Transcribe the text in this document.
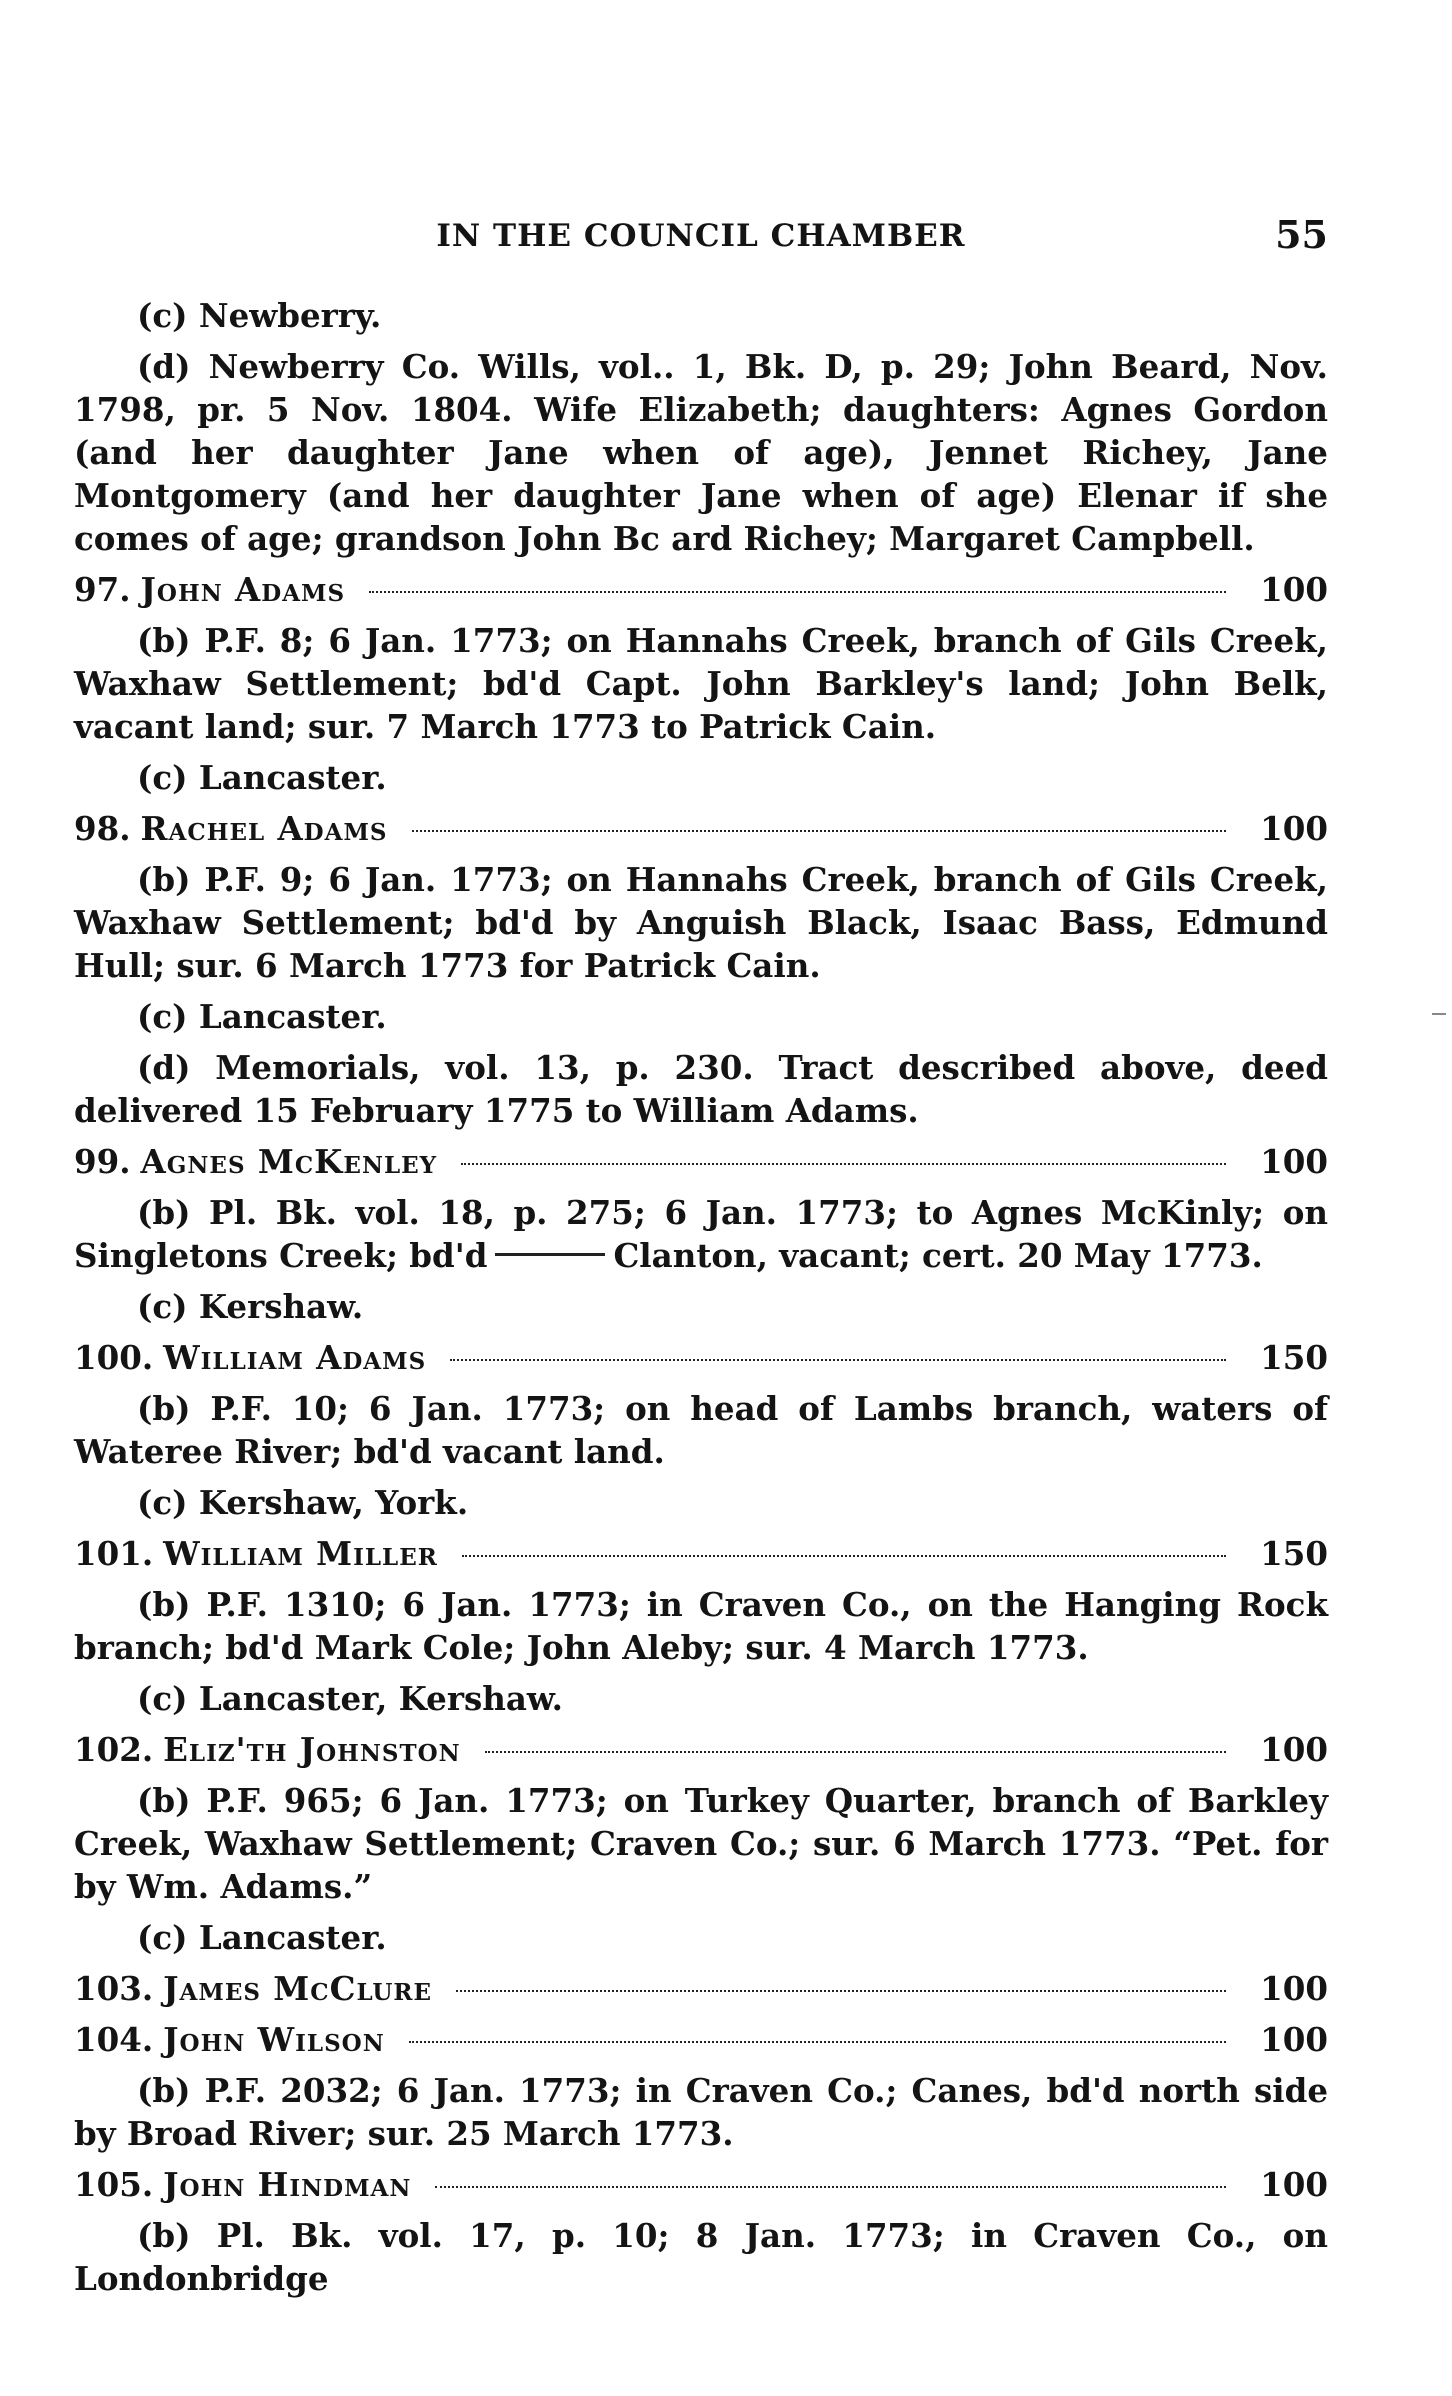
IN THE COUNCIL CHAMBER	55

(c) Newberry.

(d) Newberry Co. Wills, vol.. 1, Bk. D, p. 29; John Beard, Nov. 1798, pr. 5 Nov. 1804. Wife Elizabeth; daughters: Agnes Gordon (and her daughter Jane when of age), Jennet Richey, Jane Montgomery (and her daughter Jane when of age) Elenar if she comes of age; grandson John Bc ard Richey; Margaret Campbell.

97. John Adams	100

(b) P.F. 8; 6 Jan. 1773; on Hannahs Creek, branch of Gils Creek, Waxhaw Settlement; bd'd Capt. John Barkley's land; John Belk, vacant land; sur. 7 March 1773 to Patrick Cain.

(c) Lancaster.

98. Rachel Adams	100

(b) P.F. 9; 6 Jan. 1773; on Hannahs Creek, branch of Gils Creek, Waxhaw Settlement; bd'd by Anguish Black, Isaac Bass, Edmund Hull; sur. 6 March 1773 for Patrick Cain.

(c) Lancaster.

(d) Memorials, vol. 13, p. 230. Tract described above, deed delivered 15 February 1775 to William Adams.

99. Agnes McKenley	100

(b) Pl. Bk. vol. 18, p. 275; 6 Jan. 1773; to Agnes McKinly; on Singletons Creek; bd'd	Clanton, vacant; cert. 20 May 1773.

(c) Kershaw.

100. William Adams	150

(b) P.F. 10; 6 Jan. 1773; on head of Lambs branch, waters of Wateree River; bd'd vacant land.

(c) Kershaw, York.

101. William Miller	150

(b) P.F. 1310; 6 Jan. 1773; in Craven Co., on the Hanging Rock branch; bd'd Mark Cole; John Aleby; sur. 4 March 1773.

(c) Lancaster, Kershaw.

102. Eliz'th Johnston	100

(b) P.F. 965; 6 Jan. 1773; on Turkey Quarter, branch of Barkley Creek, Waxhaw Settlement; Craven Co.; sur. 6 March 1773. “Pet. for by Wm. Adams.”

(c) Lancaster.

103. James McClure	100
104. John Wilson	100

(b) P.F. 2032; 6 Jan. 1773; in Craven Co.; Canes, bd'd north side by Broad River; sur. 25 March 1773.

105. John Hindman	100

(b) Pl. Bk. vol. 17, p. 10; 8 Jan. 1773; in Craven Co., on Londonbridge
